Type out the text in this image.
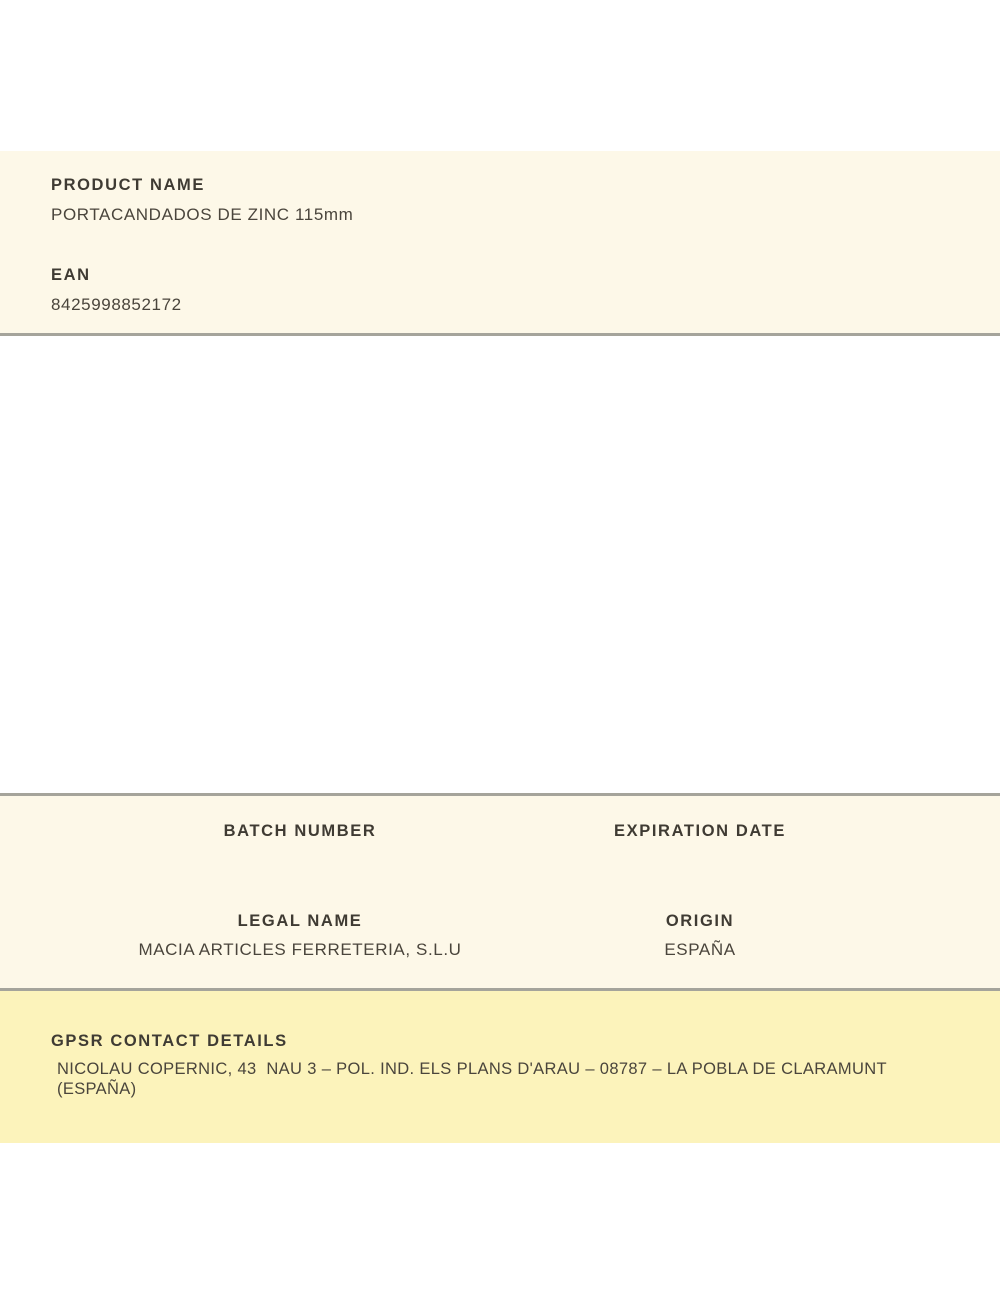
PRODUCT NAME
PORTACANDADOS DE ZINC 115mm
EAN
8425998852172
BATCH NUMBER	EXPIRATION DATE
LEGAL NAME
MACIA ARTICLES FERRETERIA, S.L.U
ORIGIN
ESPAÑA
GPSR CONTACT DETAILS
NICOLAU COPERNIC, 43  NAU 3 – POL. IND. ELS PLANS D'ARAU – 08787 – LA POBLA DE CLARAMUNT (ESPAÑA)
